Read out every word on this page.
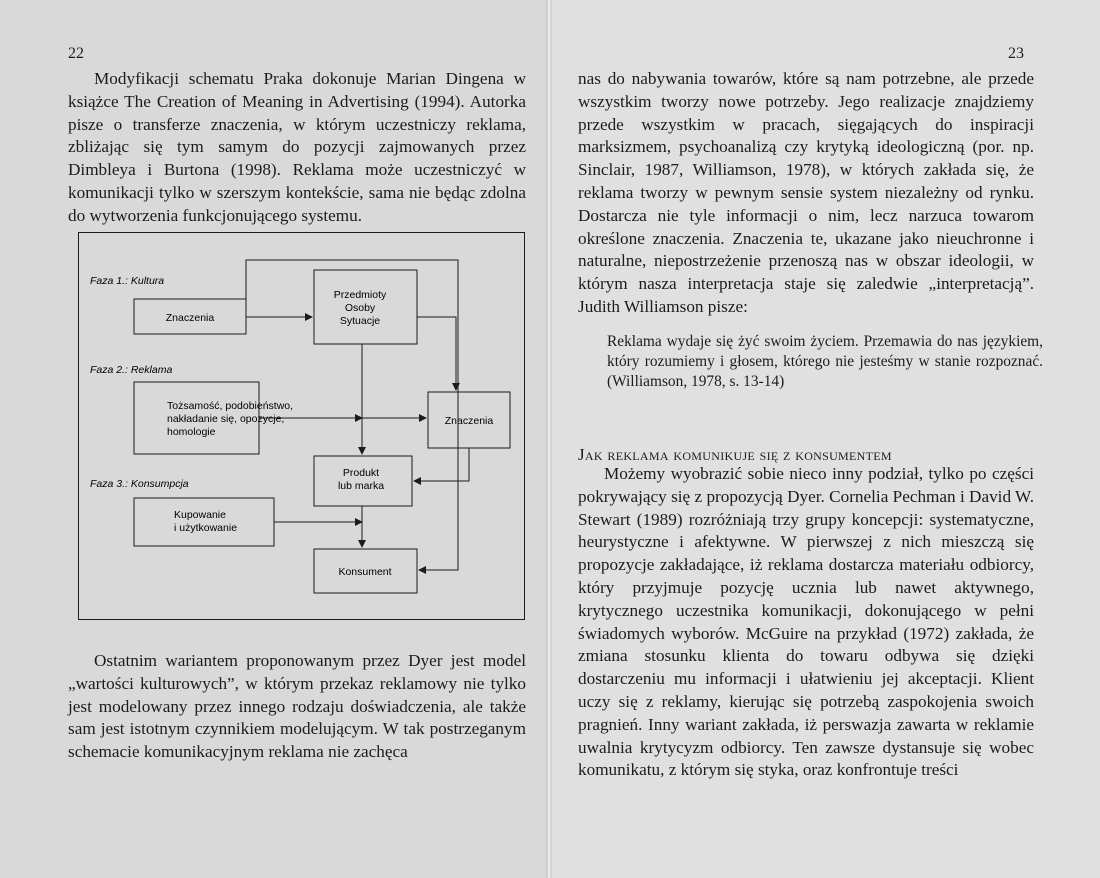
22

Modyfikacji schematu Praka dokonuje Marian Dingena w książce The Creation of Meaning in Advertising (1994). Autorka pisze o transferze znaczenia, w którym uczestniczy reklama, zbliżając się tym samym do pozycji zajmowanych przez Dimbleya i Burtona (1998). Reklama może uczestniczyć w komunikacji tylko w szerszym kontekście, sama nie będąc zdolna do wytworzenia funkcjonującego systemu.

Faza 1.: Kultura
Faza 2.: Reklama
Faza 3.: Konsumpcja
Znaczenia
Przedmioty
Osoby
Sytuacje
Tożsamość, podobieństwo,
nakładanie się, opozycje,
homologie
Znaczenia
Produkt
lub marka
Kupowanie
i użytkowanie
Konsument

Ostatnim wariantem proponowanym przez Dyer jest model „wartości kulturowych”, w którym przekaz reklamowy nie tylko jest modelowany przez innego rodzaju doświadczenia, ale także sam jest istotnym czynnikiem modelującym. W tak postrzeganym schemacie komunikacyjnym reklama nie zachęca

23

nas do nabywania towarów, które są nam potrzebne, ale przede wszystkim tworzy nowe potrzeby. Jego realizacje znajdziemy przede wszystkim w pracach, sięgających do inspiracji marksizmem, psychoanalizą czy krytyką ideologiczną (por. np. Sinclair, 1987, Williamson, 1978), w których zakłada się, że reklama tworzy w pewnym sensie system niezależny od rynku. Dostarcza nie tyle informacji o nim, lecz narzuca towarom określone znaczenia. Znaczenia te, ukazane jako nieuchronne i naturalne, niepostrzeżenie przenoszą nas w obszar ideologii, w którym nasza interpretacja staje się zaledwie „interpretacją”. Judith Williamson pisze:

Reklama wydaje się żyć swoim życiem. Przemawia do nas językiem, który rozumiemy i głosem, którego nie jesteśmy w stanie rozpoznać. (Williamson, 1978, s. 13-14)

Jak reklama komunikuje się z konsumentem

Możemy wyobrazić sobie nieco inny podział, tylko po części pokrywający się z propozycją Dyer. Cornelia Pechman i David W. Stewart (1989) rozróżniają trzy grupy koncepcji: systematyczne, heurystyczne i afektywne. W pierwszej z nich mieszczą się propozycje zakładające, iż reklama dostarcza materiału odbiorcy, który przyjmuje pozycję ucznia lub nawet aktywnego, krytycznego uczestnika komunikacji, dokonującego w pełni świadomych wyborów. McGuire na przykład (1972) zakłada, że zmiana stosunku klienta do towaru odbywa się dzięki dostarczeniu mu informacji i ułatwieniu jej akceptacji. Klient uczy się z reklamy, kierując się potrzebą zaspokojenia swoich pragnień. Inny wariant zakłada, iż perswazja zawarta w reklamie uwalnia krytycyzm odbiorcy. Ten zawsze dystansuje się wobec komunikatu, z którym się styka, oraz konfrontuje treści
